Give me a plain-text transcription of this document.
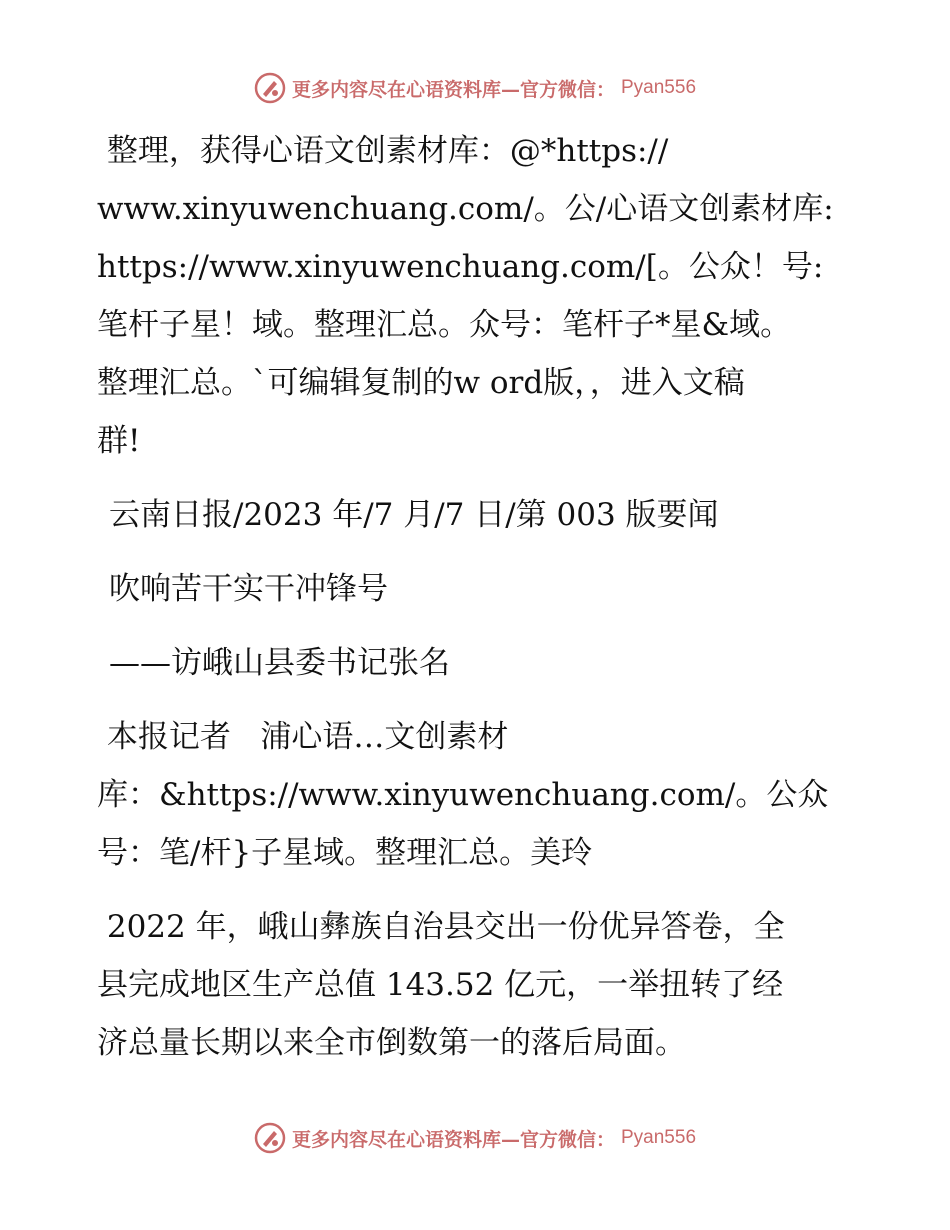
更多内容尽在心语资料库—官方微信： Pyan556

整理，获得心语文创素材库：@*https://

www.xinyuwenchuang.com/。公/心语文创素材库:

https://www.xinyuwenchuang.com/[。公众！号:

笔杆子星！域。整理汇总。众号：笔杆子*星&域。

整理汇总。`可编辑复制的w ord版，，进入文稿

群!

云南日报/2023 年/7 月/7 日/第 003 版要闻

吹响苦干实干冲锋号

——访峨山县委书记张名

本报记者   浦心语…文创素材

库：&https://www.xinyuwenchuang.com/。公众

号：笔/杆}子星域。整理汇总。美玲

2022 年，峨山彝族自治县交出一份优异答卷，全

县完成地区生产总值 143.52 亿元，一举扭转了经

济总量长期以来全市倒数第一的落后局面。

更多内容尽在心语资料库—官方微信： Pyan556
